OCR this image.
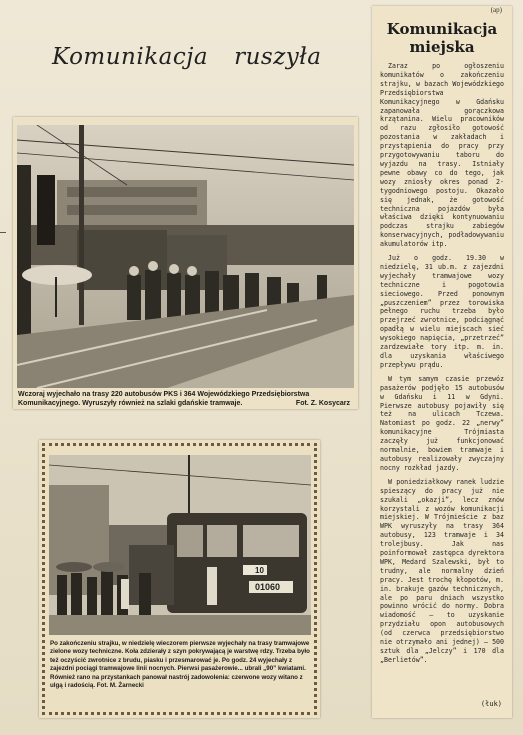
Komunikacja ruszyła
Wczoraj wyjechało na trasy 220 autobusów PKS i 364 Wojewódzkiego Przedsiębiorstwa Komunikacyjnego. Wyruszyły również na szlaki gdańskie tramwaje.	Fot. Z. Kosycarz
10
01060
Po zakończeniu strajku, w niedzielę wieczorem pierwsze wyjechały na trasy tramwajowe zielone wozy techniczne. Koła zdzierały z szyn pokrywającą je warstwę rdzy. Trzeba było też oczyścić zwrotnice z brudu, piasku i przesmarować je. Po godz. 24 wyjechały z zajezdni pociągi tramwajowe linii nocnych. Pierwsi pasażerowie... ubrali „90” kwiatami. Również rano na przystankach panował nastrój zadowolenia: czerwone wozy witano z ulgą i radością. Fot. M. Żarnecki
(ap)
Komunikacja miejska

Zaraz po ogłoszeniu komunikatów o zakończeniu strajku, w bazach Wojewódzkiego Przedsiębiorstwa Komunikacyjnego w Gdańsku zapanowała gorączkowa krzątanina. Wielu pracowników od razu zgłosiło gotowość pozostania w zakładach i przystąpienia do pracy przy przygotowywaniu taboru do wyjazdu na trasy. Istniały pewne obawy co do tego, jak wozy zniosły okres ponad 2-tygodniowego postoju. Okazało się jednak, że gotowość techniczna pojazdów była właściwa dzięki kontynuowaniu podczas strajku zabiegów konserwacyjnych, podładowywaniu akumulatorów itp.

Już o godz. 19.30 w niedzielę, 31 ub.m. z zajezdni wyjechały tramwajowe wozy techniczne i pogotowia sieciowego. Przed ponownym „puszczeniem” przez torowiska pełnego ruchu trzeba było przejrzeć zwrotnice, podciągnąć opadłą w wielu miejscach sieć wysokiego napięcia, „przetrzeć” zardzewiałe tory itp. m. in. dla uzyskania właściwego przepływu prądu.

W tym samym czasie przewóz pasażerów podjęło 15 autobusów w Gdańsku i 11 w Gdyni. Pierwsze autobusy pojawiły się też na ulicach Tczewa. Natomiast po godz. 22 „nerwy” komunikacyjne Trójmiasta zaczęły już funkcjonować normalnie, bowiem tramwaje i autobusy realizowały zwyczajny nocny rozkład jazdy.

W poniedziałkowy ranek ludzie spieszący do pracy już nie szukali „okazji”, lecz znów korzystali z wozów komunikacji miejskiej. W Trójmieście z baz WPK wyruszyły na trasy 364 autobusy, 123 tramwaje i 34 trolejbusy. Jak nas poinformował zastępca dyrektora WPK, Medard Szalewski, był to trudny, ale normalny dzień pracy. Jest trochę kłopotów, m. in. brakuje gazów technicznych, ale po paru dniach wszystko powinno wrócić do normy. Dobra wiadomość — to uzyskanie przydziału opon autobusowych (od czerwca przedsiębiorstwo nie otrzymało ani jednej) — 500 sztuk dla „Jelczy” i 170 dla „Berlietów”.

(łuk)
